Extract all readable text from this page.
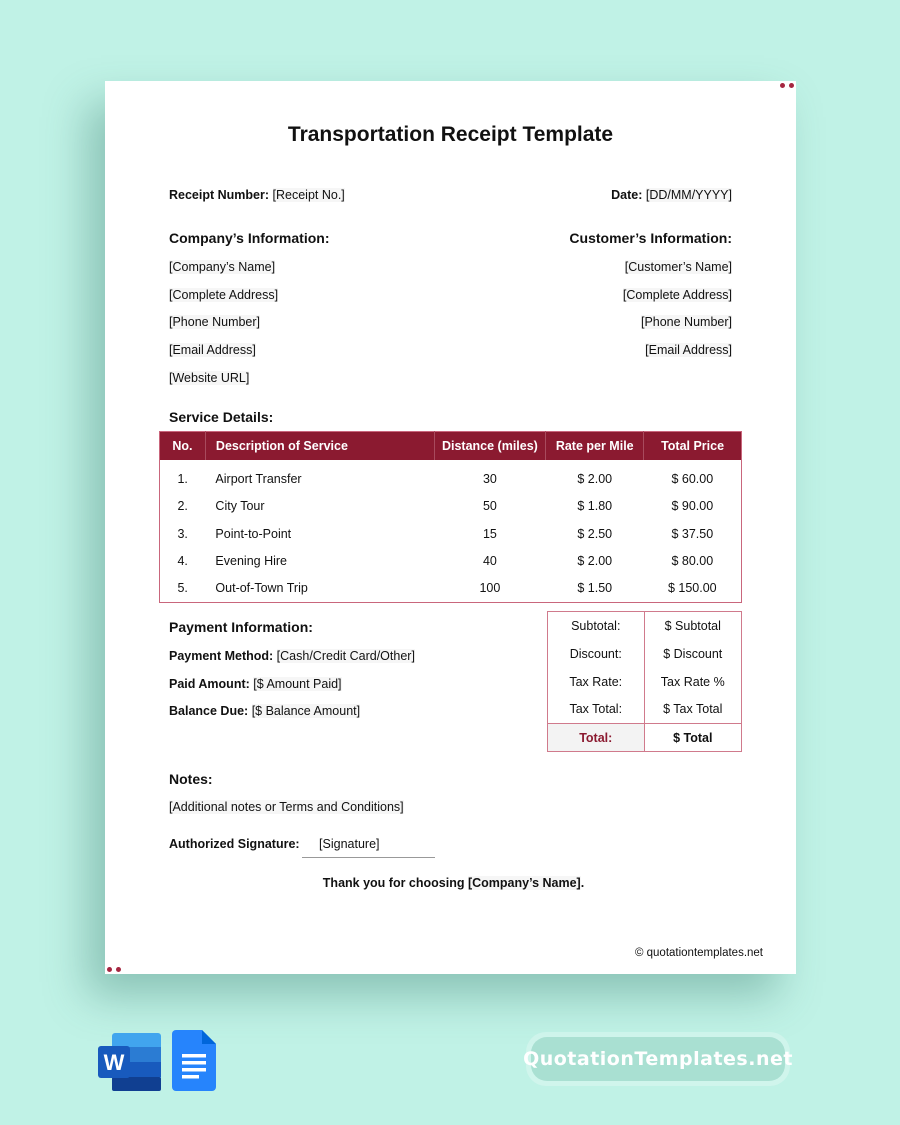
Transportation Receipt Template
Receipt Number: [Receipt No.]	Date: [DD/MM/YYYY]
Company’s Information:	Customer’s Information:
[Company’s Name]
[Complete Address]
[Phone Number]
[Email Address]
[Website URL]
[Customer’s Name]
[Complete Address]
[Phone Number]
[Email Address]
Service Details:
No.	Description of Service	Distance (miles)	Rate per Mile	Total Price
1.	Airport Transfer	30	$ 2.00	$ 60.00
2.	City Tour	50	$ 1.80	$ 90.00
3.	Point-to-Point	15	$ 2.50	$ 37.50
4.	Evening Hire	40	$ 2.00	$ 80.00
5.	Out-of-Town Trip	100	$ 1.50	$ 150.00
Payment Information:
Payment Method: [Cash/Credit Card/Other]
Paid Amount: [$ Amount Paid]
Balance Due: [$ Balance Amount]
Subtotal:	$ Subtotal
Discount:	$ Discount
Tax Rate:	Tax Rate %
Tax Total:	$ Tax Total
Total:	$ Total
Notes:
[Additional notes or Terms and Conditions]
Authorized Signature: [Signature]
Thank you for choosing [Company’s Name].
© quotationtemplates.net
W	QuotationTemplates.net
